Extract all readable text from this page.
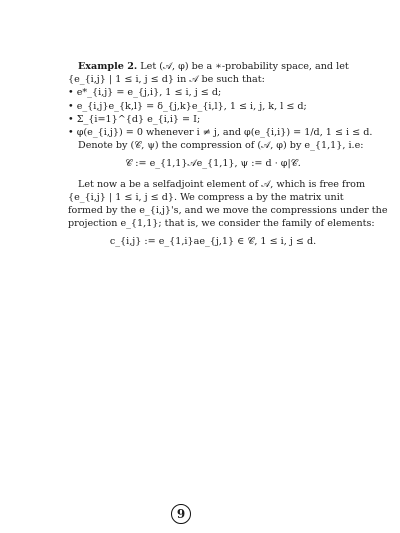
Example 2. Let (𝒜, φ) be a ∗-probability space, and let
{e_{i,j} | 1 ≤ i, j ≤ d} in 𝒜 be such that:
• e*_{i,j} = e_{j,i}, 1 ≤ i, j ≤ d;
• e_{i,j}e_{k,l} = δ_{j,k}e_{i,l}, 1 ≤ i, j, k, l ≤ d;
• Σ_{i=1}^{d} e_{i,i} = I;
• φ(e_{i,j}) = 0 whenever i ≠ j, and φ(e_{i,i}) = 1/d, 1 ≤ i ≤ d.
Denote by (𝒞, ψ) the compression of (𝒜, φ) by e_{1,1}, i.e:
𝒞 := e_{1,1}𝒜e_{1,1}, ψ := d · φ|𝒞.
Let now a be a selfadjoint element of 𝒜, which is free from
{e_{i,j} | 1 ≤ i, j ≤ d}. We compress a by the matrix unit
formed by the e_{i,j}'s, and we move the compressions under the
projection e_{1,1}; that is, we consider the family of elements:
c_{i,j} := e_{1,i}ae_{j,1} ∈ 𝒞, 1 ≤ i, j ≤ d.
9
